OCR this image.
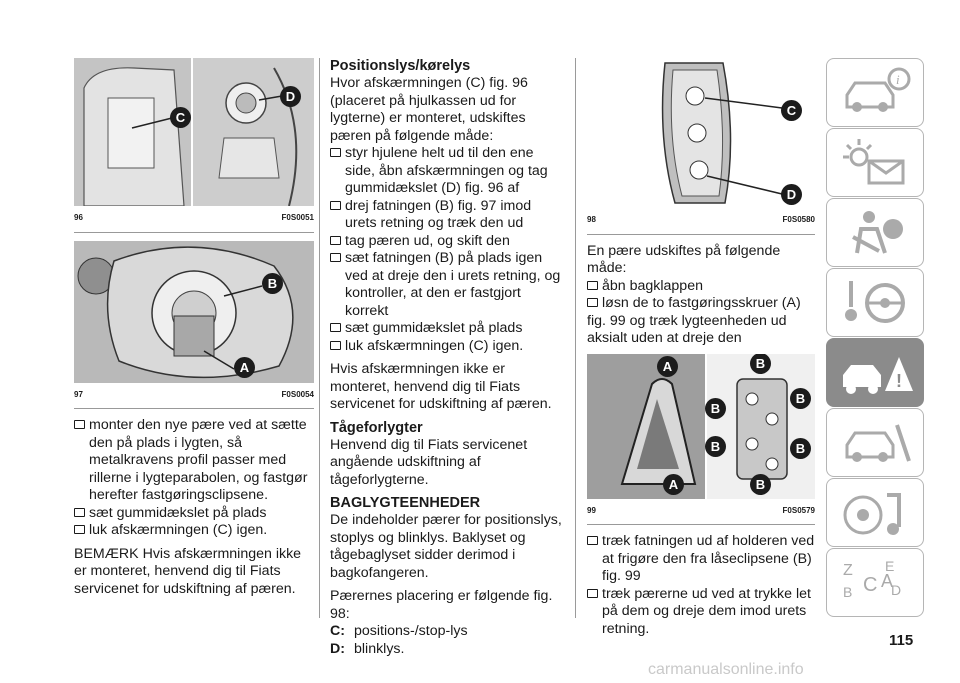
C
D
96	F0S0051
B
A
97	F0S0054
monter den nye pære ved at sætte den på plads i lygten, så metalkravens profil passer med rillerne i lygteparabolen, og fastgør herefter fastgøringsclipsene.
sæt gummidækslet på plads
luk afskærmningen (C) igen.

BEMÆRK Hvis afskærmningen ikke er monteret, henvend dig til Fiats servicenet for udskiftning af pæren.

Positionslys/kørelys

Hvor afskærmningen (C) fig. 96 (placeret på hjulkassen ud for lygterne) er monteret, udskiftes pæren på følgende måde:

styr hjulene helt ud til den ene side, åbn afskærmningen og tag gummidækslet (D) fig. 96 af
drej fatningen (B) fig. 97 imod urets retning og træk den ud
tag pæren ud, og skift den
sæt fatningen (B) på plads igen ved at dreje den i urets retning, og kontroller, at den er fastgjort korrekt
sæt gummidækslet på plads
luk afskærmningen (C) igen.

Hvis afskærmningen ikke er monteret, henvend dig til Fiats servicenet for udskiftning af pæren.

Tågeforlygter

Henvend dig til Fiats servicenet angående udskiftning af tågeforlygterne.

BAGLYGTEENHEDER

De indeholder pærer for positionslys, stoplys og blinklys. Baklyset og tågebaglyset sidder derimod i bagkofangeren.

Pærernes placering er følgende fig. 98:

C: positions-/stop-lys
D: blinklys.
C
D
98	F0S0580

En pære udskiftes på følgende måde:

åbn bagklappen
løsn de to fastgøringsskruer (A)

fig. 99 og træk lygteenheden ud aksialt uden at dreje den

A
A
B
B
B
B	B
B
99	F0S0579
træk fatningen ud af holderen ved at frigøre den fra låseclipsene (B) fig. 99
træk pærerne ud ved at trykke let på dem og dreje dem imod urets retning.
i
!
Z E
B	D
C A
115
carmanualsonline.info
